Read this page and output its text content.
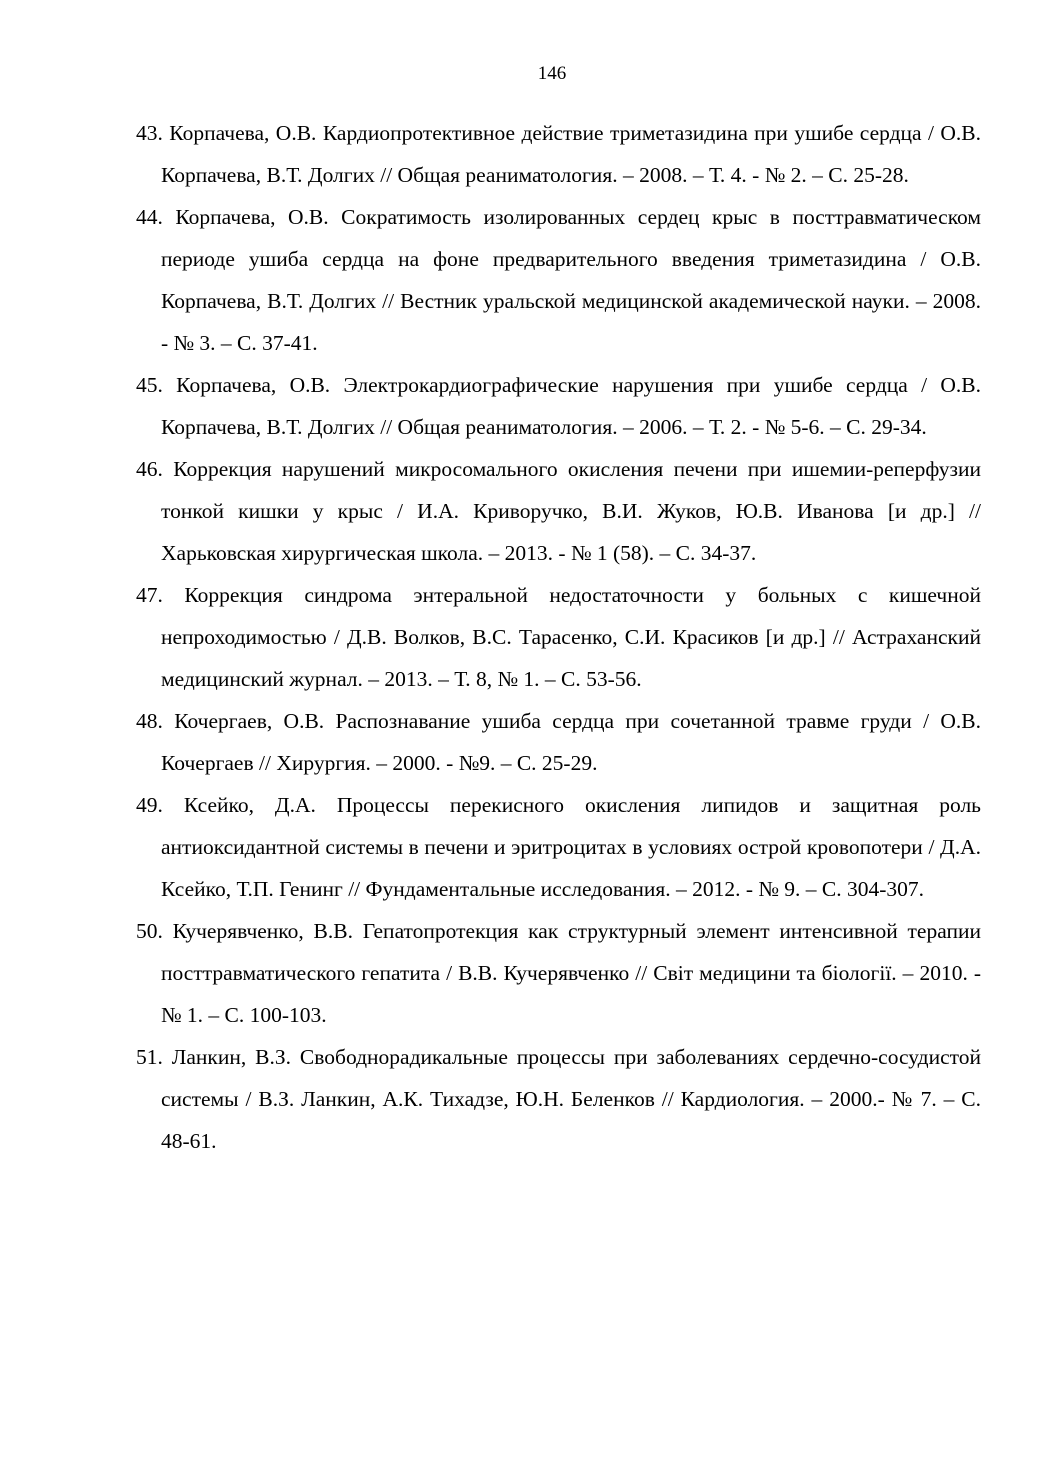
146
43. Корпачева, О.В. Кардиопротективное действие триметазидина при ушибе сердца / О.В. Корпачева, В.Т. Долгих // Общая реаниматология. – 2008. – Т. 4. - № 2. – С. 25-28.
44. Корпачева, О.В. Сократимость изолированных сердец крыс в посттравматическом периоде ушиба сердца на фоне предварительного введения триметазидина / О.В. Корпачева, В.Т. Долгих // Вестник уральской медицинской академической науки. – 2008. - № 3. – С. 37-41.
45. Корпачева, О.В. Электрокардиографические нарушения при ушибе сердца / О.В. Корпачева, В.Т. Долгих // Общая реаниматология. – 2006. – Т. 2. - № 5-6. – С. 29-34.
46. Коррекция нарушений микросомального окисления печени при ишемии-реперфузии тонкой кишки у крыс / И.А. Криворучко, В.И. Жуков, Ю.В. Иванова [и др.] // Харьковская хирургическая школа. – 2013. - № 1 (58). – С. 34-37.
47. Коррекция синдрома энтеральной недостаточности у больных с кишечной непроходимостью / Д.В. Волков, В.С. Тарасенко, С.И. Красиков [и др.] // Астраханский медицинский журнал. – 2013. – Т. 8, № 1. – С. 53-56.
48. Кочергаев, О.В. Распознавание ушиба сердца при сочетанной травме груди / О.В. Кочергаев // Хирургия. – 2000. - №9. – С. 25-29.
49. Ксейко, Д.А. Процессы перекисного окисления липидов и защитная роль антиоксидантной системы в печени и эритроцитах в условиях острой кровопотери / Д.А. Ксейко, Т.П. Генинг // Фундаментальные исследования. – 2012. - № 9. – С. 304-307.
50. Кучерявченко, В.В. Гепатопротекция как структурный элемент интенсивной терапии посттравматического гепатита / В.В. Кучерявченко // Світ медицини та біології. – 2010. - № 1. – С. 100-103.
51. Ланкин, В.З. Свободнорадикальные процессы при заболеваниях сердечно-сосудистой системы / В.З. Ланкин, А.К. Тихадзе, Ю.Н. Беленков // Кардиология. – 2000.- № 7. – С. 48-61.
